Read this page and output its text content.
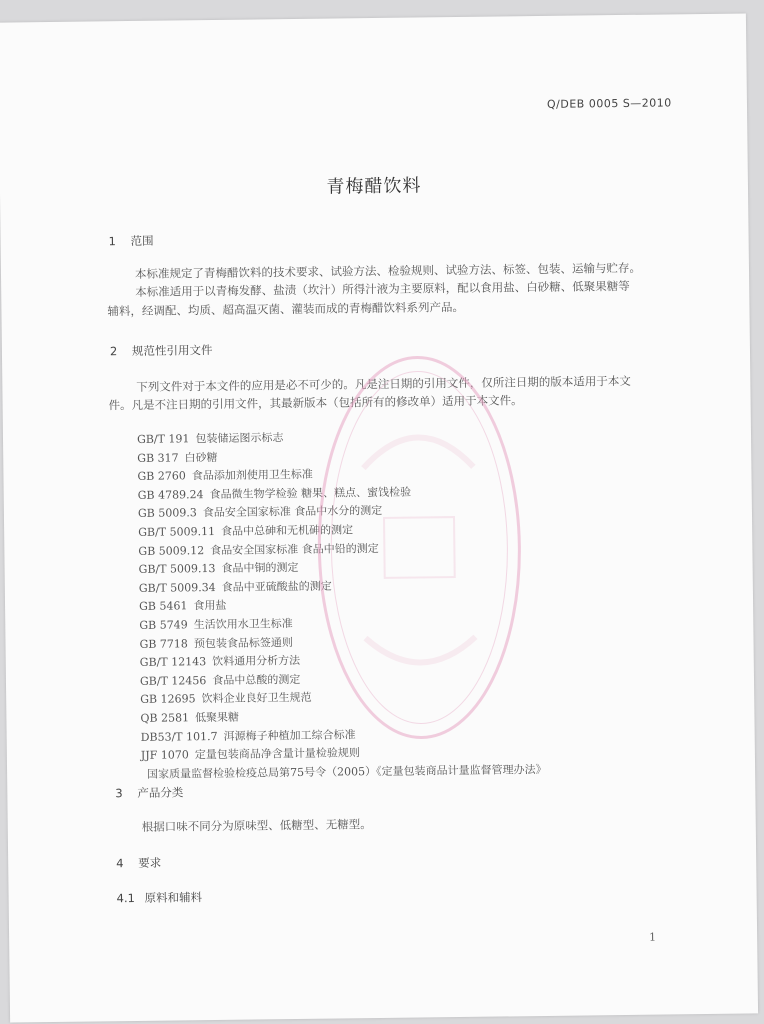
Q/DEB 0005 S—2010
青梅醋饮料
1 范围
本标准规定了青梅醋饮料的技术要求、试验方法、检验规则、试验方法、标签、包装、运输与贮存。
本标准适用于以青梅发酵、盐渍（坎汁）所得汁液为主要原料，配以食用盐、白砂糖、低聚果糖等
辅料，经调配、均质、超高温灭菌、灌装而成的青梅醋饮料系列产品。
2 规范性引用文件
下列文件对于本文件的应用是必不可少的。凡是注日期的引用文件，仅所注日期的版本适用于本文
件。凡是不注日期的引用文件，其最新版本（包括所有的修改单）适用于本文件。
GB/T 191 包装储运图示标志
GB 317 白砂糖
GB 2760 食品添加剂使用卫生标准
GB 4789.24 食品微生物学检验 糖果、糕点、蜜饯检验
GB 5009.3 食品安全国家标准 食品中水分的测定
GB/T 5009.11 食品中总砷和无机砷的测定
GB 5009.12 食品安全国家标准 食品中铅的测定
GB/T 5009.13 食品中铜的测定
GB/T 5009.34 食品中亚硫酸盐的测定
GB 5461 食用盐
GB 5749 生活饮用水卫生标准
GB 7718 预包装食品标签通则
GB/T 12143 饮料通用分析方法
GB/T 12456 食品中总酸的测定
GB 12695 饮料企业良好卫生规范
QB 2581 低聚果糖
DB53/T 101.7 洱源梅子种植加工综合标准
JJF 1070 定量包装商品净含量计量检验规则
国家质量监督检验检疫总局第75号令（2005）《定量包装商品计量监督管理办法》
3 产品分类
根据口味不同分为原味型、低糖型、无糖型。
4 要求
4.1 原料和辅料
1
